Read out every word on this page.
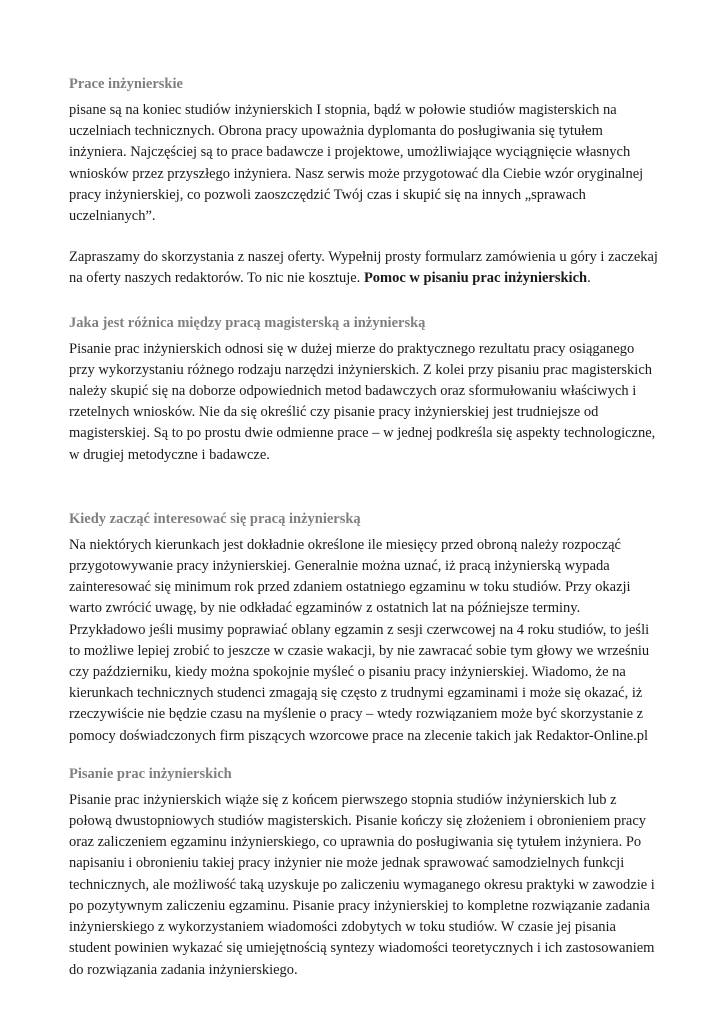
Prace inżynierskie

pisane są na koniec studiów inżynierskich I stopnia, bądź w połowie studiów magisterskich na uczelniach technicznych. Obrona pracy upoważnia dyplomanta do posługiwania się tytułem inżyniera. Najczęściej są to prace badawcze i projektowe, umożliwiające wyciągnięcie własnych wniosków przez przyszłego inżyniera. Nasz serwis może przygotować dla Ciebie wzór oryginalnej pracy inżynierskiej, co pozwoli zaoszczędzić Twój czas i skupić się na innych „sprawach uczelnianych”.

Zapraszamy do skorzystania z naszej oferty. Wypełnij prosty formularz zamówienia u góry i zaczekaj na oferty naszych redaktorów. To nic nie kosztuje. Pomoc w pisaniu prac inżynierskich.

Jaka jest różnica między pracą magisterską a inżynierską

Pisanie prac inżynierskich odnosi się w dużej mierze do praktycznego rezultatu pracy osiąganego przy wykorzystaniu różnego rodzaju narzędzi inżynierskich. Z kolei przy pisaniu prac magisterskich należy skupić się na doborze odpowiednich metod badawczych oraz sformułowaniu właściwych i rzetelnych wniosków. Nie da się określić czy pisanie pracy inżynierskiej jest trudniejsze od magisterskiej. Są to po prostu dwie odmienne prace – w jednej podkreśla się aspekty technologiczne, w drugiej metodyczne i badawcze.

Kiedy zacząć interesować się pracą inżynierską

Na niektórych kierunkach jest dokładnie określone ile miesięcy przed obroną należy rozpocząć przygotowywanie pracy inżynierskiej. Generalnie można uznać, iż pracą inżynierską wypada zainteresować się minimum rok przed zdaniem ostatniego egzaminu w toku studiów. Przy okazji warto zwrócić uwagę, by nie odkładać egzaminów z ostatnich lat na późniejsze terminy. Przykładowo jeśli musimy poprawiać oblany egzamin z sesji czerwcowej na 4 roku studiów, to jeśli to możliwe lepiej zrobić to jeszcze w czasie wakacji, by nie zawracać sobie tym głowy we wrześniu czy październiku, kiedy można spokojnie myśleć o pisaniu pracy inżynierskiej. Wiadomo, że na kierunkach technicznych studenci zmagają się często z trudnymi egzaminami i może się okazać, iż rzeczywiście nie będzie czasu na myślenie o pracy – wtedy rozwiązaniem może być skorzystanie z pomocy doświadczonych firm piszących wzorcowe prace na zlecenie takich jak Redaktor-Online.pl

Pisanie prac inżynierskich

Pisanie prac inżynierskich wiąże się z końcem pierwszego stopnia studiów inżynierskich lub z połową dwustopniowych studiów magisterskich. Pisanie kończy się złożeniem i obronieniem pracy oraz zaliczeniem egzaminu inżynierskiego, co uprawnia do posługiwania się tytułem inżyniera. Po napisaniu i obronieniu takiej pracy inżynier nie może jednak sprawować samodzielnych funkcji technicznych, ale możliwość taką uzyskuje po zaliczeniu wymaganego okresu praktyki w zawodzie i po pozytywnym zaliczeniu egzaminu. Pisanie pracy inżynierskiej to kompletne rozwiązanie zadania inżynierskiego z wykorzystaniem wiadomości zdobytych w toku studiów. W czasie jej pisania student powinien wykazać się umiejętnością syntezy wiadomości teoretycznych i ich zastosowaniem do rozwiązania zadania inżynierskiego.
